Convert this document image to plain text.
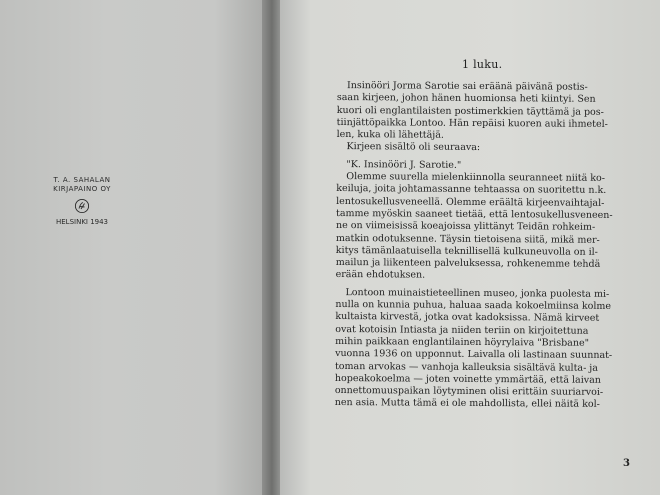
T. A. SAHALAN
KIRJAPAINO OY
HELSINKI 1943
1 luku.
Insinööri Jorma Sarotie sai eräänä päivänä postis-
saan kirjeen, johon hänen huomionsa heti kiintyi. Sen
kuori oli englantilaisten postimerkkien täyttämä ja pos-
tiinjättöpaikka Lontoo. Hän repäisi kuoren auki ihmetel-
len, kuka oli lähettäjä.
Kirjeen sisältö oli seuraava:
"K. Insinööri J. Sarotie."
Olemme suurella mielenkiinnolla seuranneet niitä ko-
keiluja, joita johtamassanne tehtaassa on suoritettu n.k.
lentosukellusveneellä. Olemme eräältä kirjeenvaihtajal-
tamme myöskin saaneet tietää, että lentosukellusveneen-
ne on viimeisissä koeajoissa ylittänyt Teidän rohkeim-
matkin odotuksenne. Täysin tietoisena siitä, mikä mer-
kitys tämänlaatuisella teknillisellä kulkuneuvolla on il-
mailun ja liikenteen palveluksessa, rohkenemme tehdä
erään ehdotuksen.
Lontoon muinaistieteellinen museo, jonka puolesta mi-
nulla on kunnia puhua, haluaa saada kokoelmiinsa kolme
kultaista kirvestä, jotka ovat kadoksissa. Nämä kirveet
ovat kotoisin Intiasta ja niiden teriin on kirjoitettuna
mihin paikkaan englantilainen höyrylaiva "Brisbane"
vuonna 1936 on upponnut. Laivalla oli lastinaan suunnat-
toman arvokas — vanhoja kalleuksia sisältävä kulta- ja
hopeakokoelma — joten voinette ymmärtää, että laivan
onnettomuuspaikan löytyminen olisi erittäin suuriarvoi-
nen asia. Mutta tämä ei ole mahdollista, ellei näitä kol-
3
